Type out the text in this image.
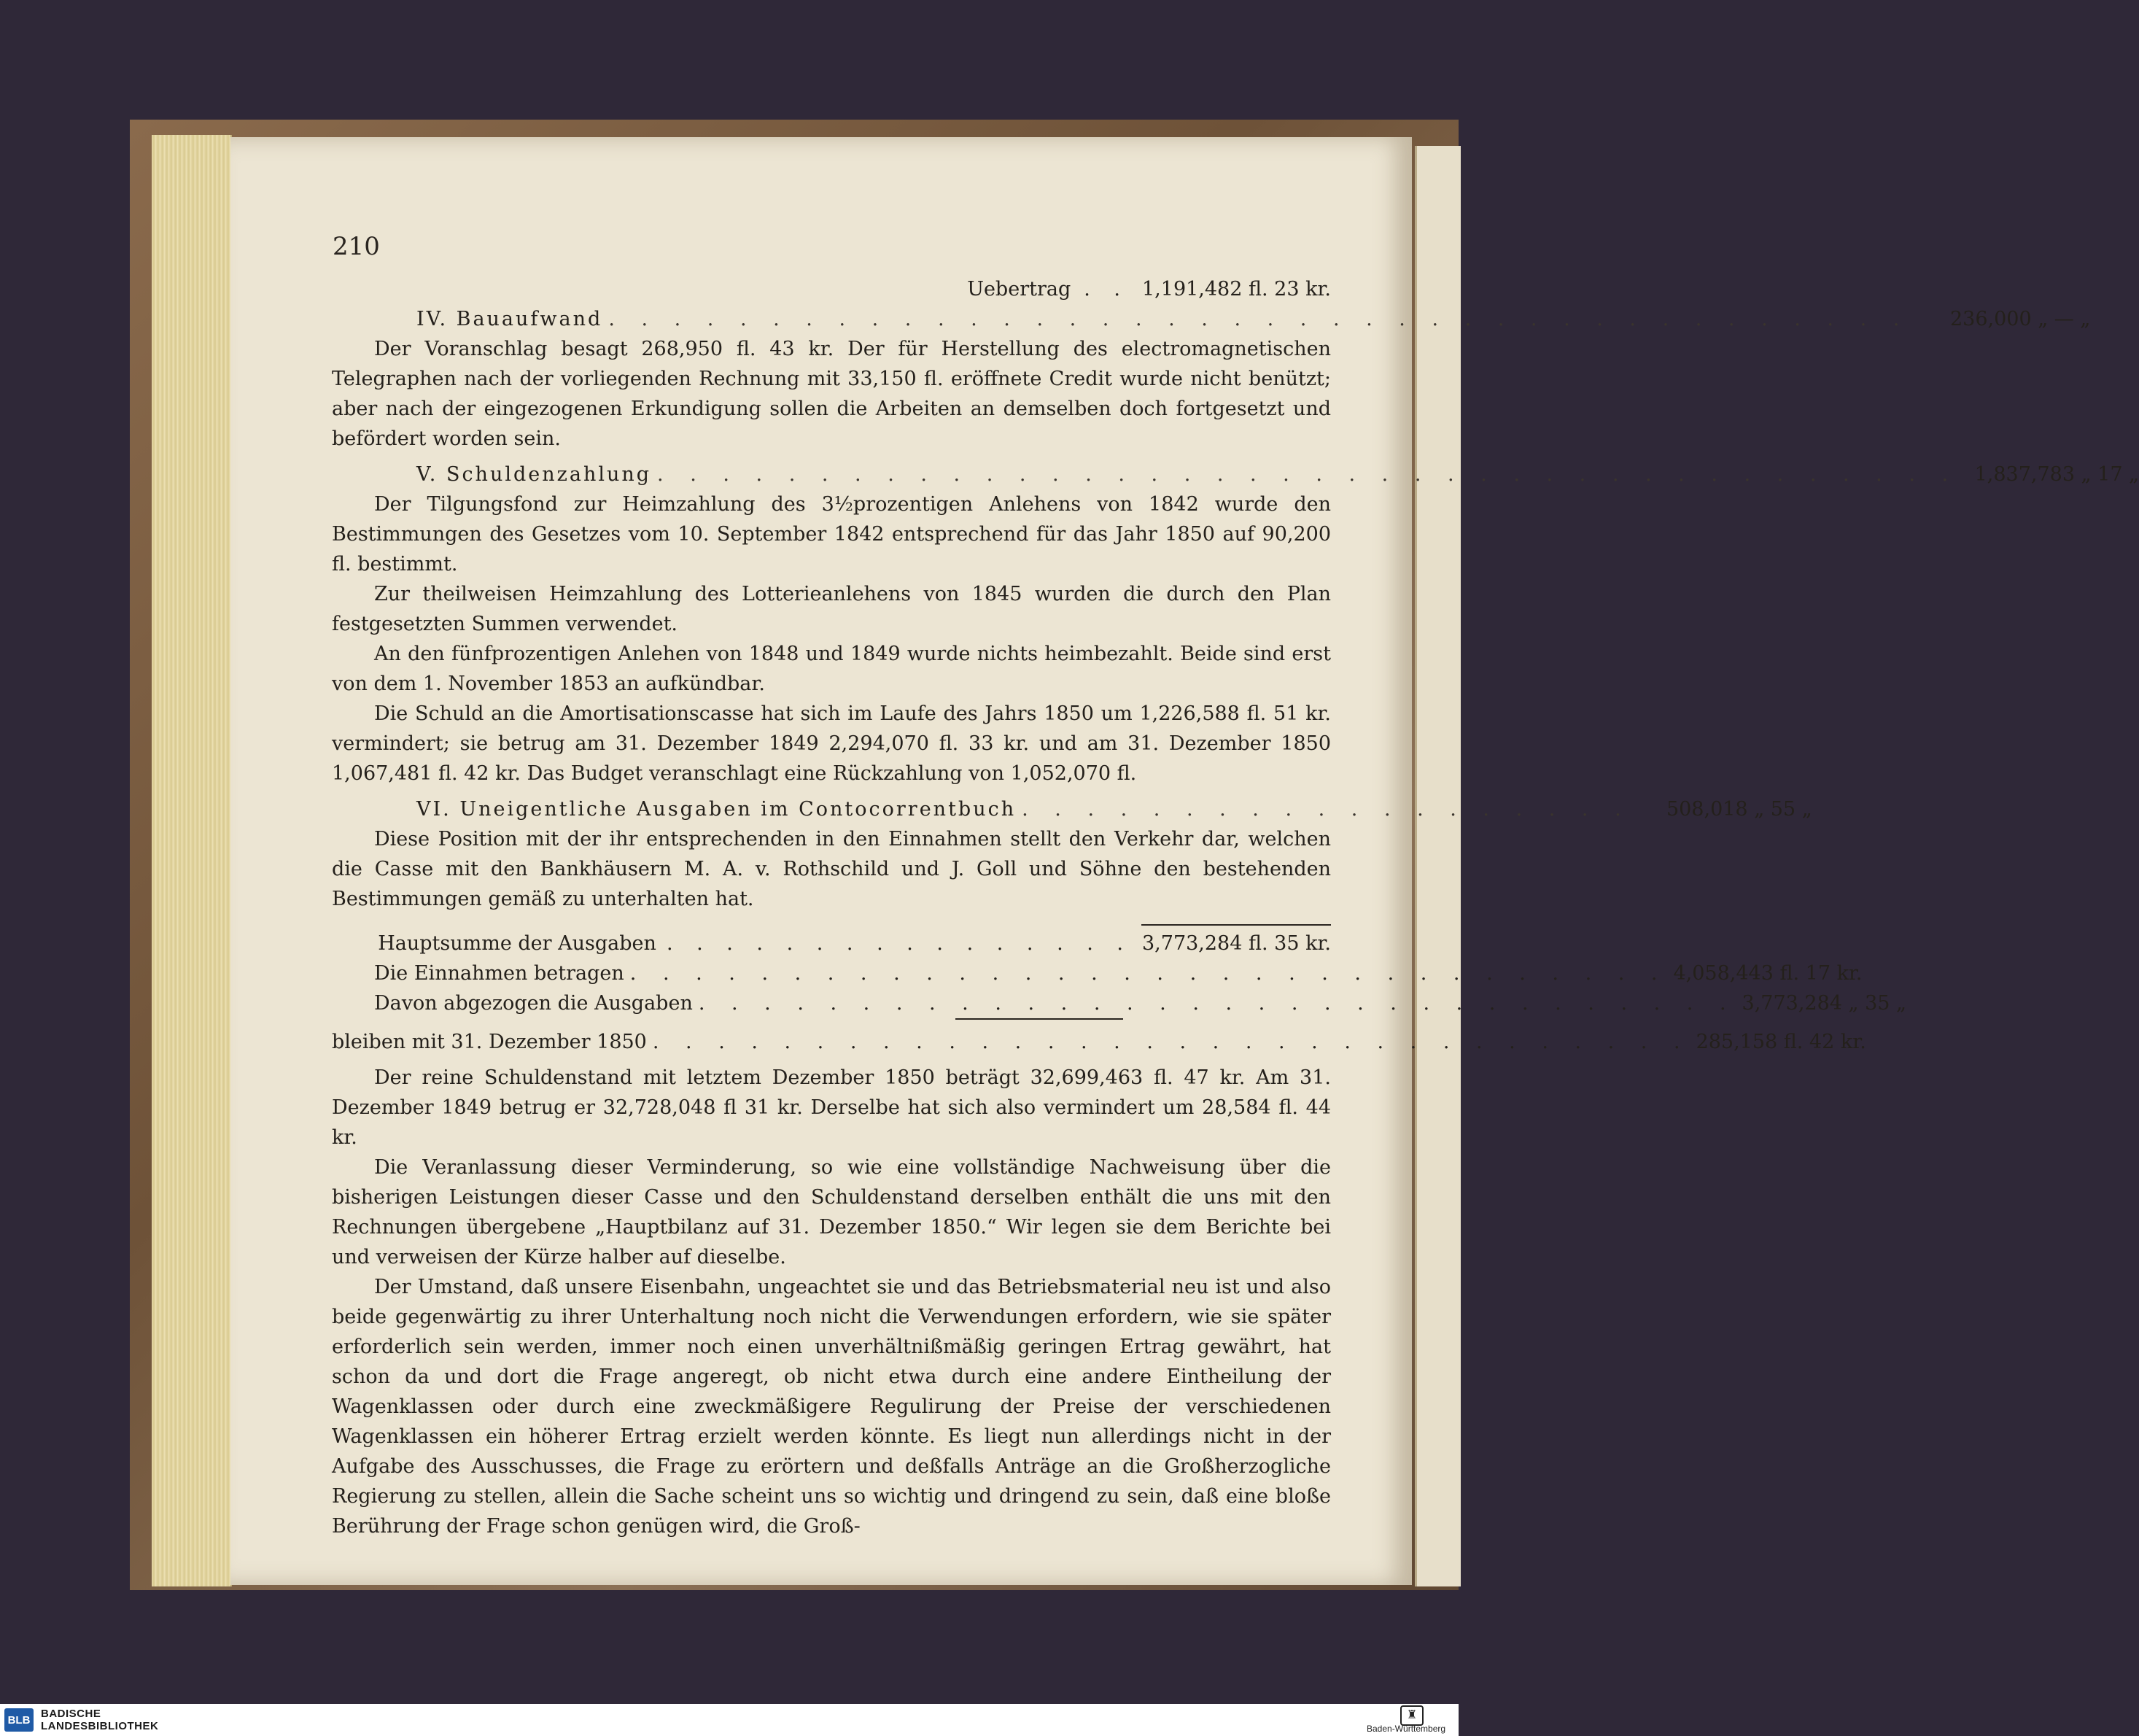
210
Uebertrag . . 1,191,482 fl. 23 kr.
IV. Bauaufwand . . . . . . . . . . . . . . . . . . . . . . . . . . . . . . . . . . . . . . . .	236,000 „ — „

Der Voranschlag besagt 268,950 fl. 43 kr. Der für Herstellung des electromagnetischen Telegraphen nach der vorliegenden Rechnung mit 33,150 fl. eröffnete Credit wurde nicht benützt; aber nach der eingezogenen Erkundigung sollen die Arbeiten an demselben doch fortgesetzt und befördert worden sein.

V. Schuldenzahlung . . . . . . . . . . . . . . . . . . . . . . . . . . . . . . . . . . . . . . . . 1,837,783 „ 17 „

Der Tilgungsfond zur Heimzahlung des 3½prozentigen Anlehens von 1842 wurde den Bestimmungen des Gesetzes vom 10. September 1842 entsprechend für das Jahr 1850 auf 90,200 fl. bestimmt.

Zur theilweisen Heimzahlung des Lotterieanlehens von 1845 wurden die durch den Plan festgesetzten Summen verwendet.

An den fünfprozentigen Anlehen von 1848 und 1849 wurde nichts heimbezahlt. Beide sind erst von dem 1. November 1853 an aufkündbar.

Die Schuld an die Amortisationscasse hat sich im Laufe des Jahrs 1850 um 1,226,588 fl. 51 kr. vermindert; sie betrug am 31. Dezember 1849 2,294,070 fl. 33 kr. und am 31. Dezember 1850 1,067,481 fl. 42 kr. Das Budget veranschlagt eine Rückzahlung von 1,052,070 fl.

VI. Uneigentliche Ausgaben im Contocorrentbuch . . . . . . . . . . . . . . . . . . .	508,018 „ 55 „

Diese Position mit der ihr entsprechenden in den Einnahmen stellt den Verkehr dar, welchen die Casse mit den Bankhäusern M. A. v. Rothschild und J. Goll und Söhne den bestehenden Bestimmungen gemäß zu unterhalten hat.

Hauptsumme der Ausgaben . . . . . . . . . . . . . . . . 3,773,284 fl. 35 kr.
Die Einnahmen betragen . . . . . . . . . . . . . . . . . . . . . . . . . . . . . . . . 4,058,443 fl. 17 kr.
Davon abgezogen die Ausgaben . . . . . . . . . . . . . . . . . . . . . . . . . . . . . . . . 3,773,284 „ 35 „
bleiben mit 31. Dezember 1850 . . . . . . . . . . . . . . . . . . . . . . . . . . . . . . . . 285,158 fl. 42 kr.

Der reine Schuldenstand mit letztem Dezember 1850 beträgt 32,699,463 fl. 47 kr. Am 31. Dezember 1849 betrug er 32,728,048 fl 31 kr. Derselbe hat sich also vermindert um 28,584 fl. 44 kr.

Die Veranlassung dieser Verminderung, so wie eine vollständige Nachweisung über die bisherigen Leistungen dieser Casse und den Schuldenstand derselben enthält die uns mit den Rechnungen übergebene „Hauptbilanz auf 31. Dezember 1850.“ Wir legen sie dem Berichte bei und verweisen der Kürze halber auf dieselbe.

Der Umstand, daß unsere Eisenbahn, ungeachtet sie und das Betriebsmaterial neu ist und also beide gegenwärtig zu ihrer Unterhaltung noch nicht die Verwendungen erfordern, wie sie später erforderlich sein werden, immer noch einen unverhältnißmäßig geringen Ertrag gewährt, hat schon da und dort die Frage angeregt, ob nicht etwa durch eine andere Eintheilung der Wagenklassen oder durch eine zweckmäßigere Regulirung der Preise der verschiedenen Wagenklassen ein höherer Ertrag erzielt werden könnte. Es liegt nun allerdings nicht in der Aufgabe des Ausschusses, die Frage zu erörtern und deßfalls Anträge an die Großherzogliche Regierung zu stellen, allein die Sache scheint uns so wichtig und dringend zu sein, daß eine bloße Berührung der Frage schon genügen wird, die Groß-

BLB BADISCHE
LANDESBIBLIOTHEK
♜
Baden-Württemberg
